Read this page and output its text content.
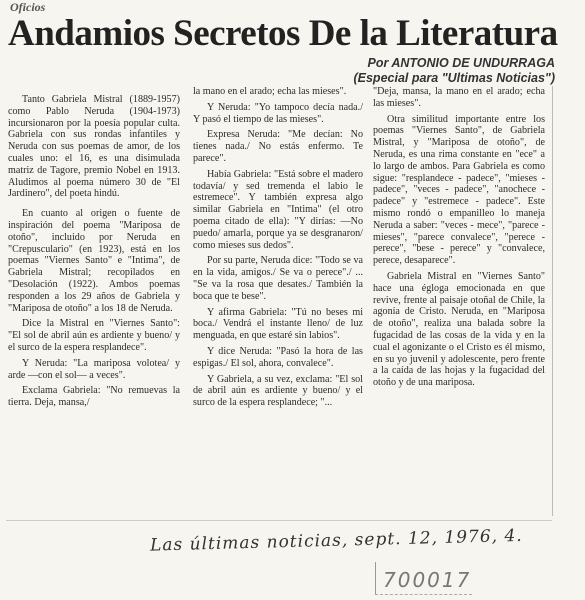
Oficios
Andamios Secretos De la Literatura
Por ANTONIO DE UNDURRAGA
(Especial para "Ultimas Noticias")

Tanto Gabriela Mistral (1889-1957) como Pablo Neruda (1904-1973) incursionaron por la poesía popular culta. Gabriela con sus rondas infantiles y Neruda con sus poemas de amor, de los cuales uno: el 16, es una disimulada matriz de Tagore, premio Nobel en 1913. Aludimos al poema número 30 de "El Jardinero", del poeta hindú.

En cuanto al origen o fuente de inspiración del poema "Mariposa de otoño", incluido por Neruda en "Crepusculario" (en 1923), está en los poemas "Viernes Santo" e "Intima", de Gabriela Mistral; recopilados en "Desolación (1922). Ambos poemas responden a los 29 años de Gabriela y "Mariposa de otoño" a los 18 de Neruda.

Dice la Mistral en "Viernes Santo": "El sol de abril aún es ardiente y bueno/ y el surco de la espera resplandece".

Y Neruda: "La mariposa volotea/ y arde —con el sol— a veces".

Exclama Gabriela: "No remuevas la tierra. Deja, mansa,/

la mano en el arado; echa las mieses".

Y Neruda: "Yo tampoco decía nada./ Y pasó el tiempo de las mieses".

Expresa Neruda: "Me decían: No tienes nada./ No estás enfermo. Te parece".

Había Gabriela: "Está sobre el madero todavía/ y sed tremenda el labio le estremece". Y también expresa algo similar Gabriela en "Intima" (el otro poema citado de ella): "Y dirías: —No puedo/ amarla, porque ya se desgranaron/ como mieses sus dedos".

Por su parte, Neruda dice: "Todo se va en la vida, amigos./ Se va o perece"./ ... "Se va la rosa que desates./ También la boca que te bese".

Y afirma Gabriela: "Tú no beses mi boca./ Vendrá el instante lleno/ de luz menguada, en que estaré sin labios".

Y dice Neruda: "Pasó la hora de las espigas./ El sol, ahora, convalece".

Y Gabriela, a su vez, exclama: "El sol de abril aún es ardiente y bueno/ y el surco de la espera resplandece; "...

"Deja, mansa, la mano en el arado; echa las mieses".

Otra similitud importante entre los poemas "Viernes Santo", de Gabriela Mistral, y "Mariposa de otoño", de Neruda, es una rima constante en "ece" a lo largo de ambos. Para Gabriela es como sigue: "resplandece - padece", "mieses - padece", "veces - padece", "anochece - padece" y "estremece - padece". Este mismo rondó o empanilleo lo maneja Neruda a saber: "veces - mece", "parece - mieses", "parece convalece", "perece - perece", "bese - perece" y "convalece, perece, desaparece".

Gabriela Mistral en "Viernes Santo" hace una égloga emocionada en que revive, frente al paisaje otoñal de Chile, la agonía de Cristo. Neruda, en "Mariposa de otoño", realiza una balada sobre la fugacidad de las cosas de la vida y en la cual el agonizante o el Cristo es él mismo, en su yo juvenil y adolescente, pero frente a la caída de las hojas y la fugacidad del otoño y de una mariposa.

Las últimas noticias, sept. 12, 1976, 4.
700017
